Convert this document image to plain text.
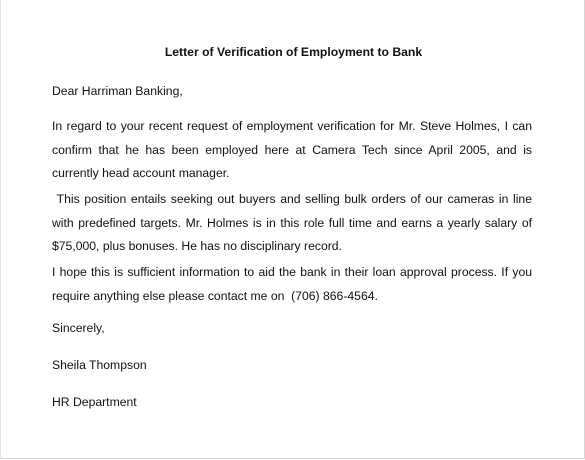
Letter of Verification of Employment to Bank

Dear Harriman Banking,

In regard to your recent request of employment verification for Mr. Steve Holmes, I can confirm that he has been employed here at Camera Tech since April 2005, and is currently head account manager.

This position entails seeking out buyers and selling bulk orders of our cameras in line with predefined targets. Mr. Holmes is in this role full time and earns a yearly salary of $75,000, plus bonuses. He has no disciplinary record.

I hope this is sufficient information to aid the bank in their loan approval process. If you require anything else please contact me on  (706) 866-4564.

Sincerely,

Sheila Thompson

HR Department
